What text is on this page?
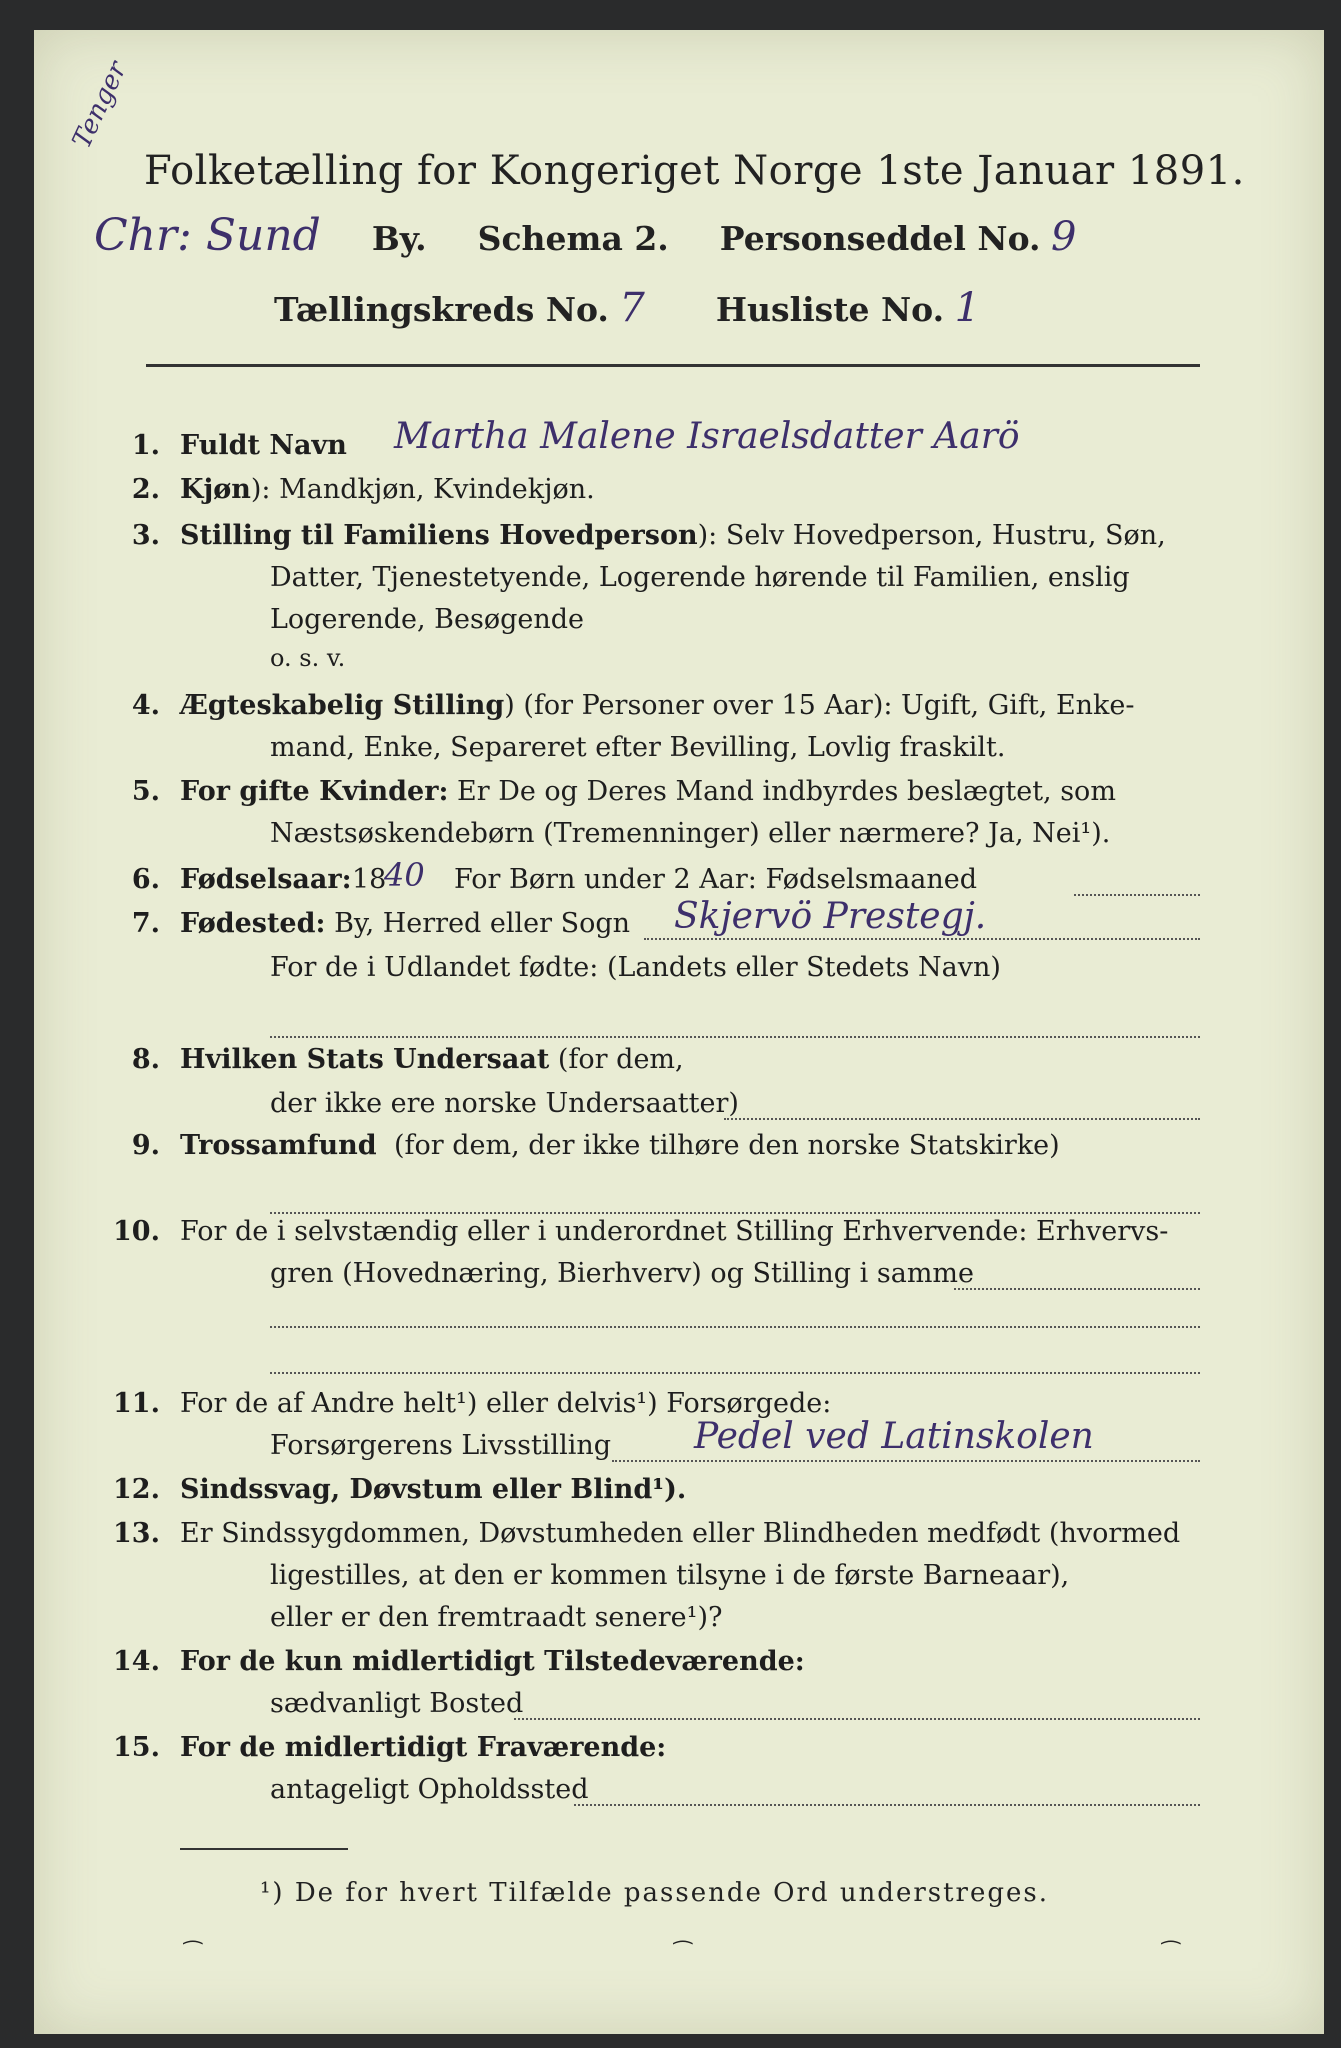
Tenger
Folketælling for Kongeriget Norge 1ste Januar 1891.
Chr: Sund By. Schema 2. Personseddel No. 9
Tællingskreds No. 7 Husliste No. 1
1. Fuldt Navn Martha Malene Israelsdatter Aarö
2. Kjøn): Mandkjøn, Kvindekjøn.
3. Stilling til Familiens Hovedperson): Selv Hovedperson, Hustru, Søn,
Datter, Tjenestetyende, Logerende hørende til Familien, enslig
Logerende, Besøgende
o. s. v.
4. Ægteskabelig Stilling) (for Personer over 15 Aar): Ugift, Gift, Enke-
mand, Enke, Separeret efter Bevilling, Lovlig fraskilt.
5. For gifte Kvinder: Er De og Deres Mand indbyrdes beslægtet, som
Næstsøskendebørn (Tremenninger) eller nærmere? Ja, Nei¹).
6. Fødselsaar: 18
40 For Børn under 2 Aar: Fødselsmaaned
7. Fødested: By, Herred eller Sogn Skjervö Prestegj.
For de i Udlandet fødte: (Landets eller Stedets Navn)
8. Hvilken Stats Undersaat (for dem,
der ikke ere norske Undersaatter)
9. Trossamfund (for dem, der ikke tilhøre den norske Statskirke)
10. For de i selvstændig eller i underordnet Stilling Erhvervende: Erhvervs-
gren (Hovednæring, Bierhverv) og Stilling i samme
11. For de af Andre helt¹) eller delvis¹) Forsørgede:
Forsørgerens Livsstilling Pedel ved Latinskolen
12. Sindssvag, Døvstum eller Blind¹).
13. Er Sindssygdommen, Døvstumheden eller Blindheden medfødt (hvormed
ligestilles, at den er kommen tilsyne i de første Barneaar),
eller er den fremtraadt senere¹)?
14. For de kun midlertidigt Tilstedeværende:
sædvanligt Bosted
15. For de midlertidigt Fraværende:
antageligt Opholdssted
¹) De for hvert Tilfælde passende Ord understreges.
⁀	⁀	⁀
